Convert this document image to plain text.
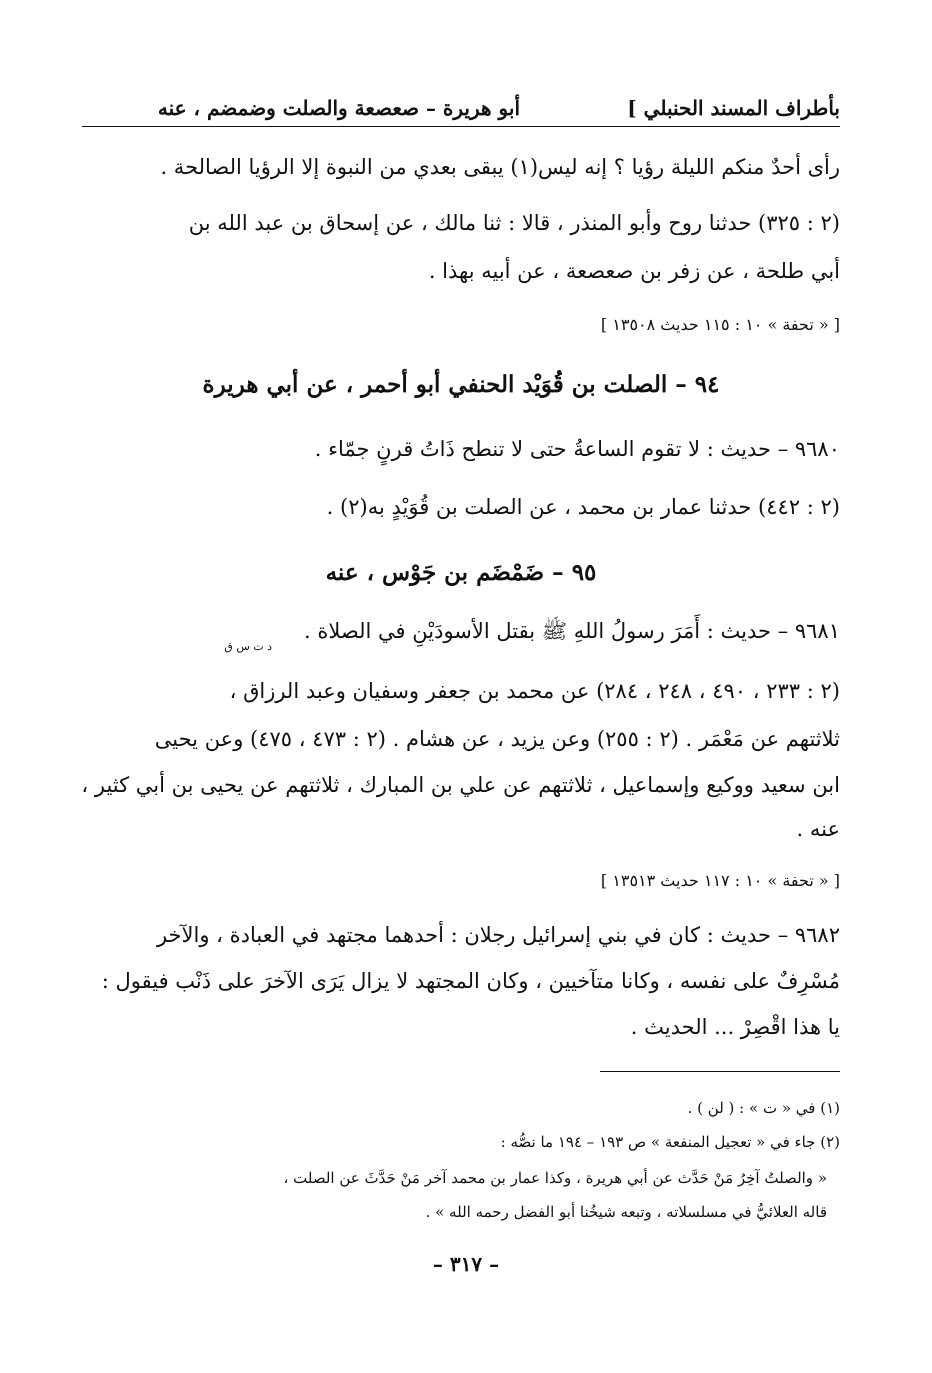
بأطراف المسند الحنبلي ]
أبو هريرة – صعصعة والصلت وضمضم ، عنه
رأى أحدٌ منكم الليلة رؤيا ؟ إنه ليس(١) يبقى بعدي من النبوة إلا الرؤيا الصالحة .
(٢ : ٣٢٥) حدثنا روح وأبو المنذر ، قالا : ثنا مالك ، عن إسحاق بن عبد الله بن
أبي طلحة ، عن زفر بن صعصعة ، عن أبيه بهذا .
[ « تحفة » ١٠ : ١١٥ حديث ١٣٥٠٨ ]
٩٤ – الصلت بن قُوَيْد الحنفي أبو أحمر ، عن أبي هريرة
٩٦٨٠ – حديث : لا تقوم الساعةُ حتى لا تنطح ذَاتُ قرنٍ جمّاء .
(٢ : ٤٤٢) حدثنا عمار بن محمد ، عن الصلت بن قُوَيْدٍ به(٢) .
٩٥ – ضَمْضَم بن جَوْس ، عنه
٩٦٨١ – حديث : أَمَرَ رسولُ اللهِ ﷺ بقتل الأسودَيْنِ في الصلاة .
د ت س ق
(٢ : ٢٣٣ ، ٤٩٠ ، ٢٤٨ ، ٢٨٤) عن محمد بن جعفر وسفيان وعبد الرزاق ،
ثلاثتهم عن مَعْمَر . (٢ : ٢٥٥) وعن يزيد ، عن هشام . (٢ : ٤٧٣ ، ٤٧٥) وعن يحيى
ابن سعيد ووكيع وإسماعيل ، ثلاثتهم عن علي بن المبارك ، ثلاثتهم عن يحيى بن أبي كثير ،
عنه .
[ « تحفة » ١٠ : ١١٧ حديث ١٣٥١٣ ]
٩٦٨٢ – حديث : كان في بني إسرائيل رجلان : أحدهما مجتهد في العبادة ، والآخر
مُسْرِفٌ على نفسه ، وكانا متآخيين ، وكان المجتهد لا يزال يَرَى الآخرَ على ذَنْب فيقول :
يا هذا اقْصِرْ ... الحديث .
(١) في « ت » : ( لن ) .
(٢) جاء في « تعجيل المنفعة » ص ١٩٣ – ١٩٤ ما نصُّه :
« والصلتُ آخِرُ مَنْ حَدَّث عن أبي هريرة ، وكذا عمار بن محمد آخر مَنْ حَدَّثَ عن الصلت ،
قاله العلائيُّ في مسلسلاته ، وتبعه شيخُنا أبو الفضل رحمه الله » .
– ٣١٧ –
